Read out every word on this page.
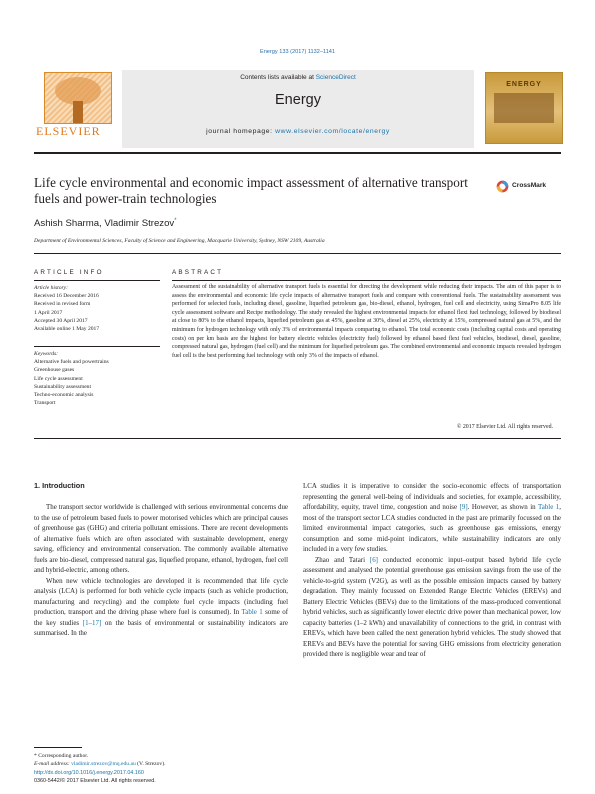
Energy 133 (2017) 1132–1141
ELSEVIER
Contents lists available at ScienceDirect
Energy
journal homepage: www.elsevier.com/locate/energy
ENERGY
Life cycle environmental and economic impact assessment of alternative transport fuels and power-train technologies
CrossMark
Ashish Sharma, Vladimir Strezov*
Department of Environmental Sciences, Faculty of Science and Engineering, Macquarie University, Sydney, NSW 2109, Australia
ARTICLE INFO
Article history:
Received 16 December 2016
Received in revised form
1 April 2017
Accepted 30 April 2017
Available online 1 May 2017
Keywords:
Alternative fuels and powertrains
Greenhouse gases
Life cycle assessment
Sustainability assessment
Techno-economic analysis
Transport
ABSTRACT
Assessment of the sustainability of alternative transport fuels is essential for directing the development while reducing their impacts. The aim of this paper is to assess the environmental and economic life cycle impacts of alternative transport fuels and compare with conventional fuels. The sustainability assessment was performed for selected fuels, including diesel, gasoline, liquefied petroleum gas, bio-diesel, ethanol, hydrogen, fuel cell and electricity, using SimaPro 8.05 life cycle assessment software and Recipe methodology. The study revealed the highest environmental impacts for ethanol flexi fuel technology, followed by biodiesel at close to 80% to the ethanol impacts, liquefied petroleum gas at 45%, gasoline at 30%, diesel at 25%, electricity at 15%, compressed natural gas at 5%, and the minimum for hydrogen technology with only 3% of environmental impacts comparing to ethanol. The total economic costs (including capital costs and operating costs) on per km basis are the highest for battery electric vehicles (electricity fuel) followed by ethanol based flexi fuel vehicles, biodiesel, diesel, gasoline, compressed natural gas, hydrogen (fuel cell) and the minimum for liquefied petroleum gas. The combined environmental and economic impacts revealed hydrogen fuel cell is the best performing fuel technology with only 3% of the impacts of ethanol.
© 2017 Elsevier Ltd. All rights reserved.
1. Introduction

The transport sector worldwide is challenged with serious environmental concerns due to the use of petroleum based fuels to power motorised vehicles which are principal causes of greenhouse gas (GHG) and criteria pollutant emissions. There are recent developments of alternative fuels which are often associated with sustainable development, energy saving, efficiency and environmental conservation. The commonly available alternative fuels are bio-diesel, compressed natural gas, liquefied propane, ethanol, hydrogen, fuel cell and hybrid-electric, among others.

When new vehicle technologies are developed it is recommended that life cycle analysis (LCA) is performed for both vehicle cycle impacts (such as vehicle production, manufacturing and recycling) and the complete fuel cycle impacts (including fuel production, transport and the driving phase where fuel is consumed). In Table 1 some of the key studies [1–17] on the basis of environmental or sustainability indicators are summarised. In the

LCA studies it is imperative to consider the socio-economic effects of transportation representing the general well-being of individuals and societies, for example, accessibility, affordability, equity, travel time, congestion and noise [9]. However, as shown in Table 1, most of the transport sector LCA studies conducted in the past are primarily focussed on the limited environmental impact categories, such as greenhouse gas emissions, energy consumption and some mid-point indicators, while sustainability indicators are only included in a very few studies.

Zhao and Tatari [6] conducted economic input–output based hybrid life cycle assessment and analysed the potential greenhouse gas emission savings from the use of the vehicle-to-grid system (V2G), as well as the possible emission impacts caused by battery degradation. They mainly focussed on Extended Range Electric Vehicles (EREVs) and Battery Electric Vehicles (BEVs) due to the limitations of the mass-produced conventional hybrid vehicles, such as significantly lower electric drive power than mechanical power, low capacity batteries (1–2 kWh) and unavailability of connections to the grid, in contrast with EREVs, which have been called the next generation hybrid vehicles. The study showed that EREVs and BEVs have the potential for saving GHG emissions from electricity generation provided there is negligible wear and tear of

* Corresponding author.
E-mail address: vladimir.strezov@mq.edu.au (V. Strezov).
http://dx.doi.org/10.1016/j.energy.2017.04.160
0360-5442/© 2017 Elsevier Ltd. All rights reserved.
